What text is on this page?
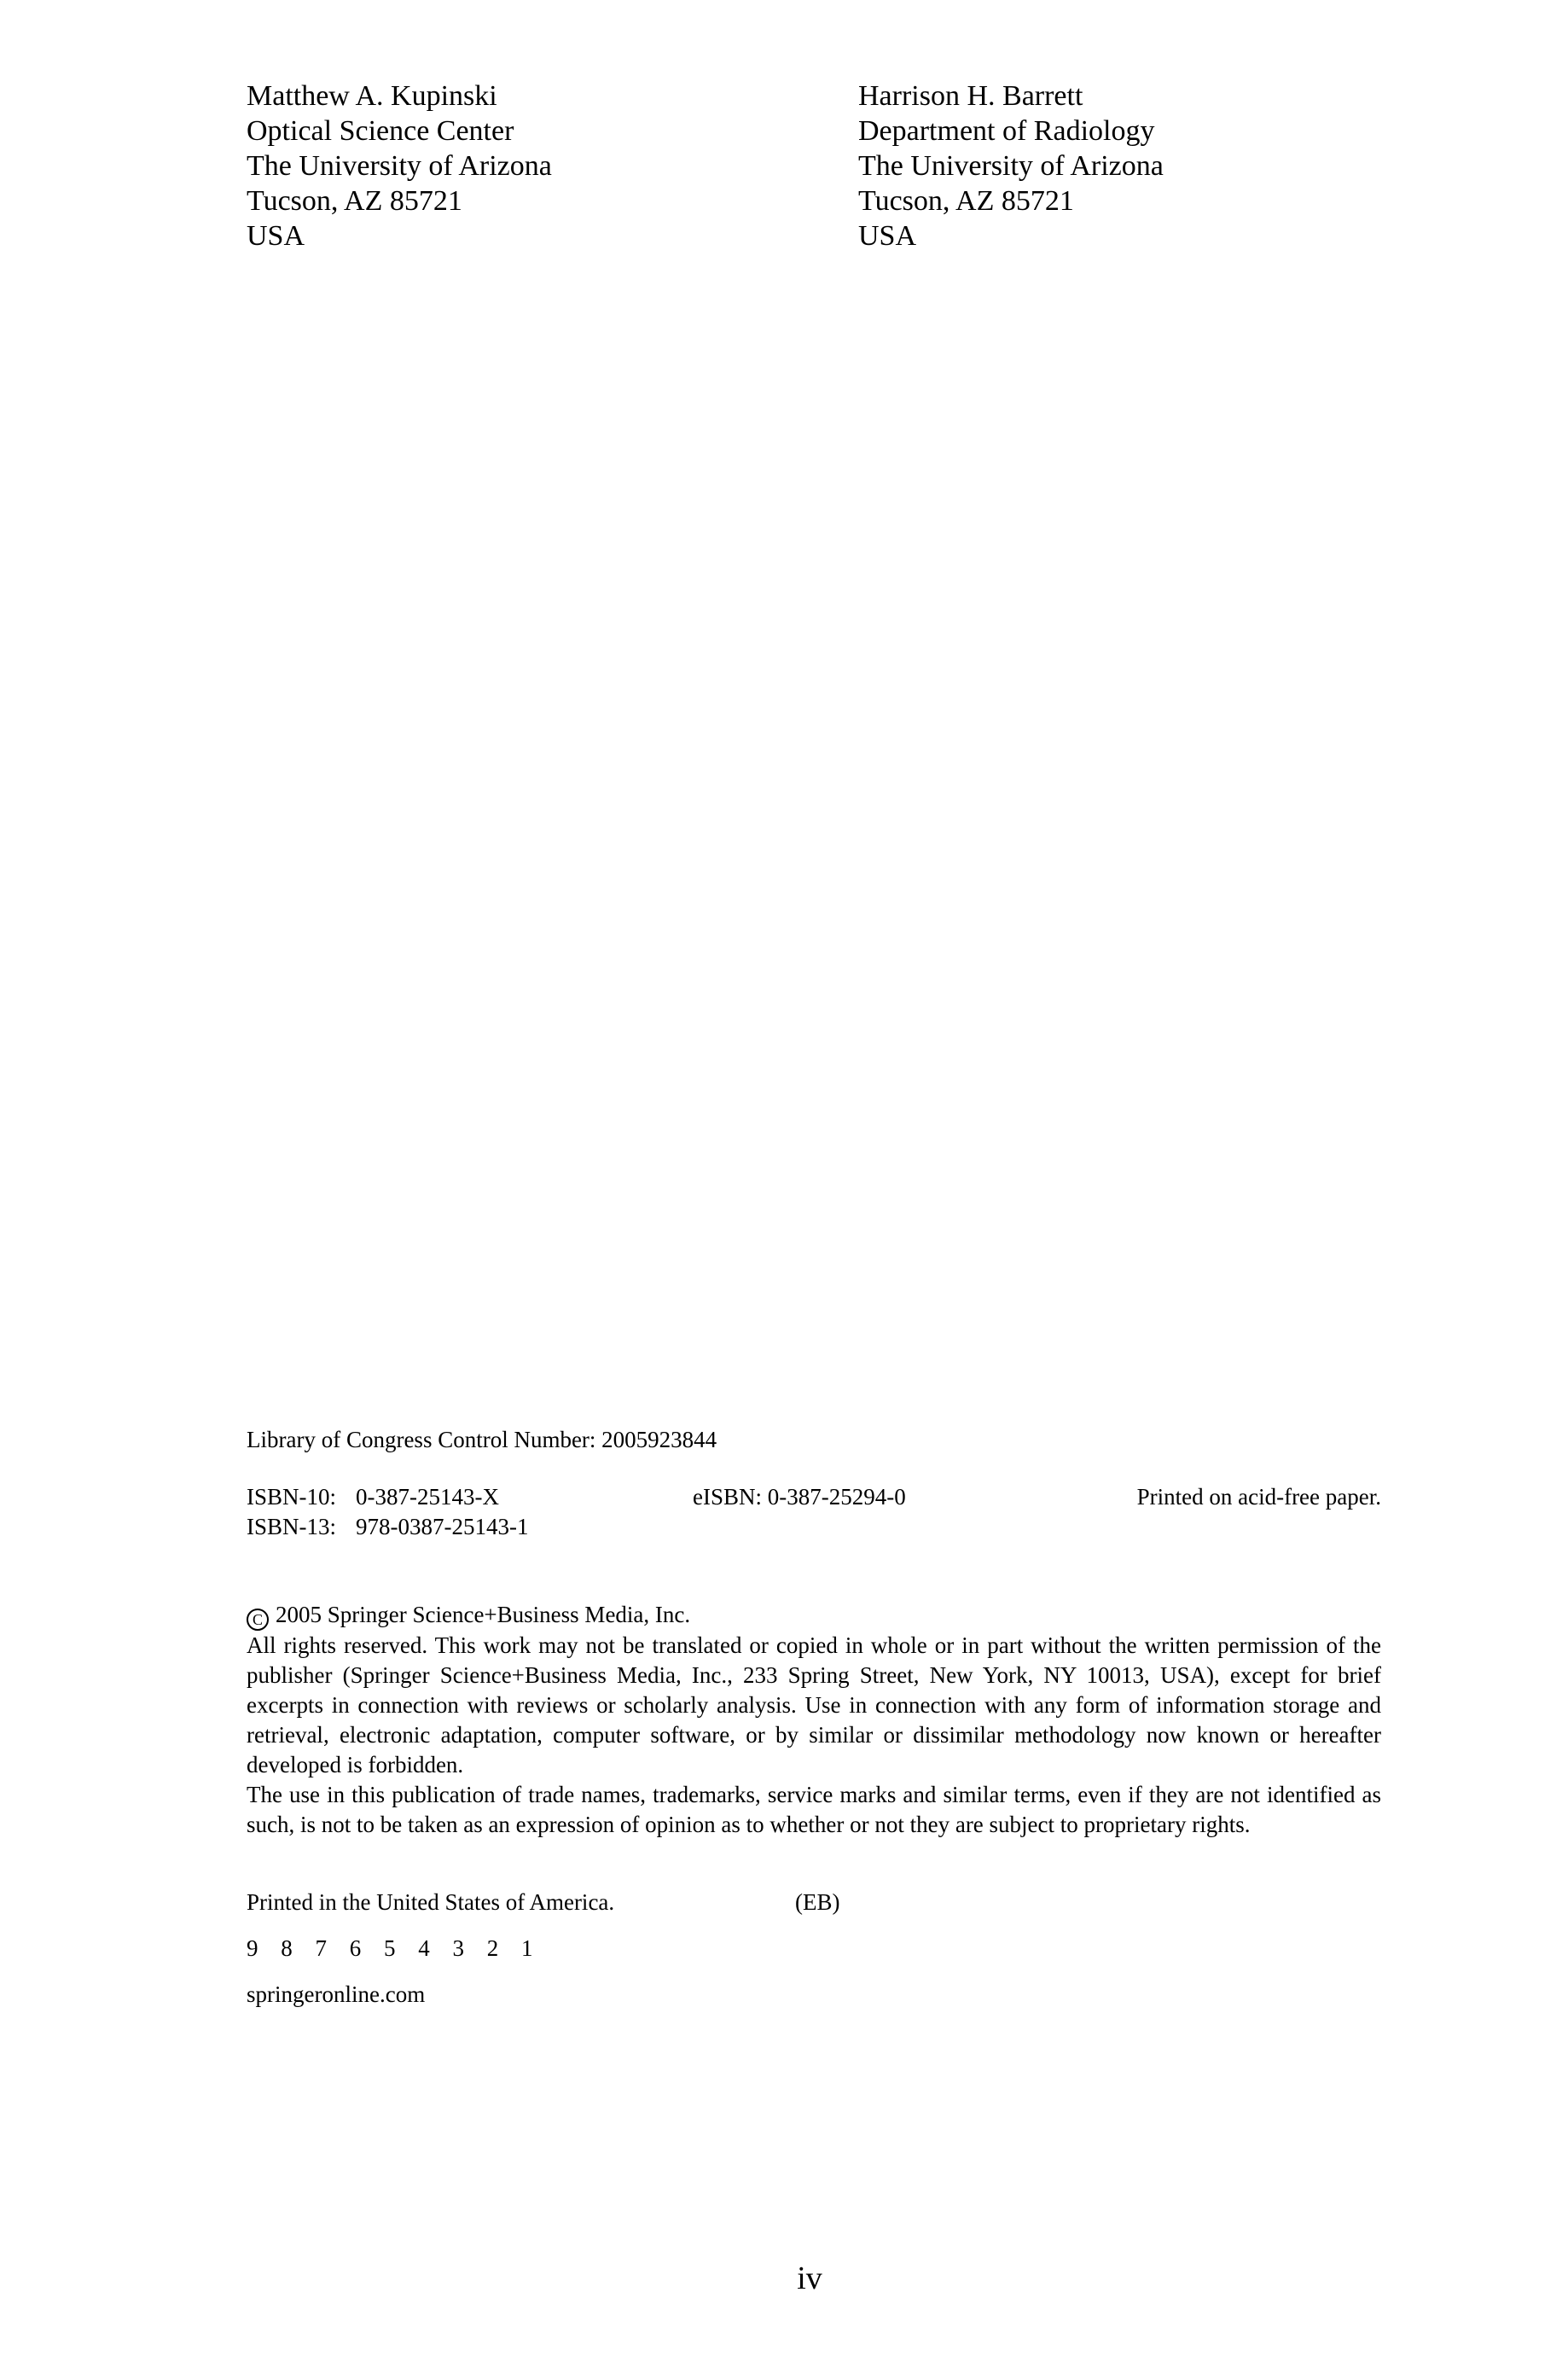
Matthew A. Kupinski
Optical Science Center
The University of Arizona
Tucson, AZ 85721
USA
Harrison H. Barrett
Department of Radiology
The University of Arizona
Tucson, AZ 85721
USA
Library of Congress Control Number: 2005923844
ISBN-10: 0-387-25143-X
ISBN-13: 978-0387-25143-1
eISBN: 0-387-25294-0	Printed on acid-free paper.

C 2005 Springer Science+Business Media, Inc.

All rights reserved. This work may not be translated or copied in whole or in part without the written permission of the publisher (Springer Science+Business Media, Inc., 233 Spring Street, New York, NY 10013, USA), except for brief excerpts in connection with reviews or scholarly analysis. Use in connection with any form of information storage and retrieval, electronic adaptation, computer software, or by similar or dissimilar methodology now known or hereafter developed is forbidden.

The use in this publication of trade names, trademarks, service marks and similar terms, even if they are not identified as such, is not to be taken as an expression of opinion as to whether or not they are subject to proprietary rights.

Printed in the United States of America.	(EB)
9 8 7 6 5 4 3 2 1
springeronline.com
iv
